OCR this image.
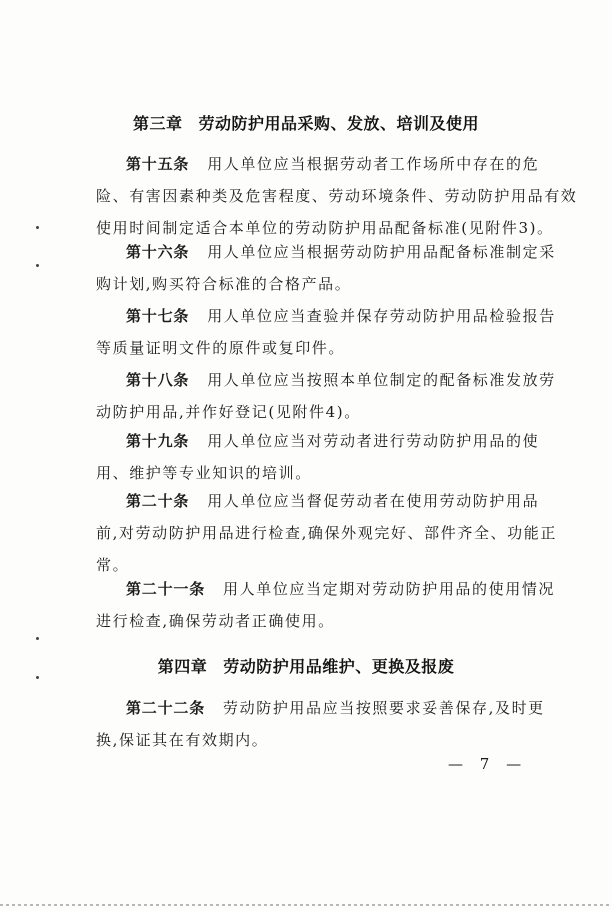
第三章 劳动防护用品采购、发放、培训及使用
第十五条 用人单位应当根据劳动者工作场所中存在的危
险、有害因素种类及危害程度、劳动环境条件、劳动防护用品有效
使用时间制定适合本单位的劳动防护用品配备标准(见附件3)。
第十六条 用人单位应当根据劳动防护用品配备标准制定采
购计划,购买符合标准的合格产品。
第十七条 用人单位应当查验并保存劳动防护用品检验报告
等质量证明文件的原件或复印件。
第十八条 用人单位应当按照本单位制定的配备标准发放劳
动防护用品,并作好登记(见附件4)。
第十九条 用人单位应当对劳动者进行劳动防护用品的使
用、维护等专业知识的培训。
第二十条 用人单位应当督促劳动者在使用劳动防护用品
前,对劳动防护用品进行检查,确保外观完好、部件齐全、功能正
常。
第二十一条 用人单位应当定期对劳动防护用品的使用情况
进行检查,确保劳动者正确使用。
第四章 劳动防护用品维护、更换及报废
第二十二条 劳动防护用品应当按照要求妥善保存,及时更
换,保证其在有效期内。
— 7 —
